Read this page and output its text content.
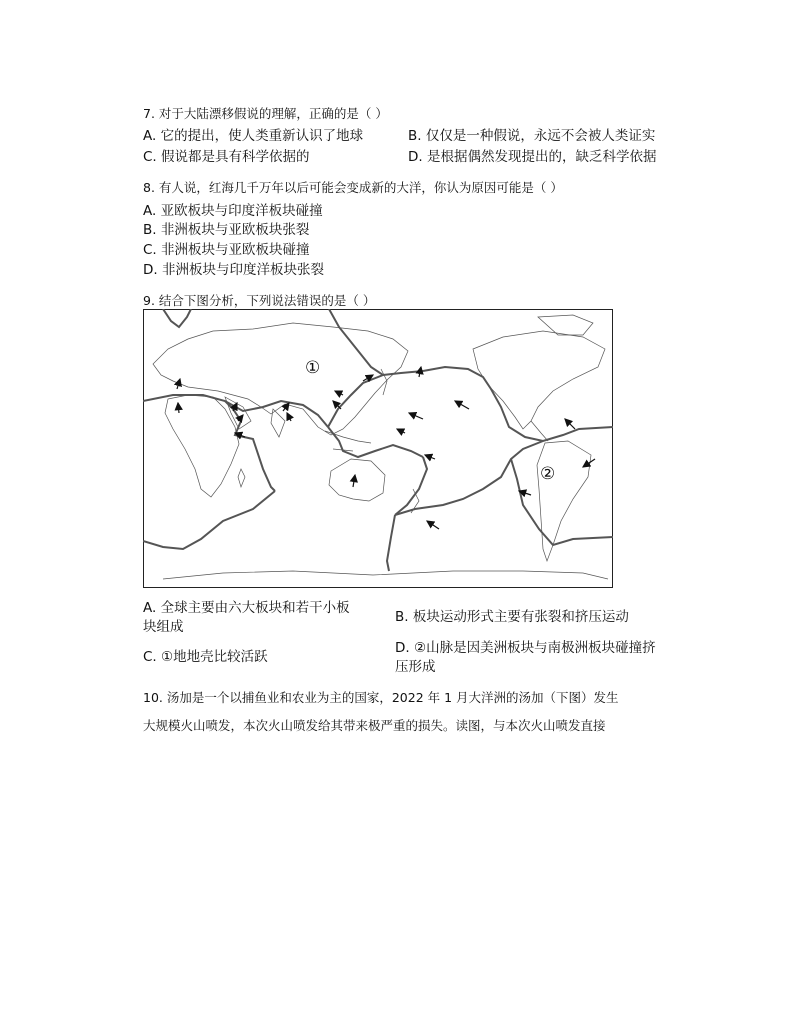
7. 对于大陆漂移假说的理解，正确的是（ ）
A. 它的提出，使人类重新认识了地球	B. 仅仅是一种假说，永远不会被人类证实
C. 假说都是具有科学依据的	D. 是根据偶然发现提出的，缺乏科学依据
8. 有人说，红海几千万年以后可能会变成新的大洋，你认为原因可能是（ ）
A. 亚欧板块与印度洋板块碰撞
B. 非洲板块与亚欧板块张裂
C. 非洲板块与亚欧板块碰撞
D. 非洲板块与印度洋板块张裂
9. 结合下图分析，下列说法错误的是（ ）
①
②
A. 全球主要由六大板块和若干小板
块组成
B. 板块运动形式主要有张裂和挤压运动
C. ①地地壳比较活跃
D. ②山脉是因美洲板块与南极洲板块碰撞挤
压形成
10. 汤加是一个以捕鱼业和农业为主的国家，2022 年 1 月大洋洲的汤加（下图）发生
大规模火山喷发，本次火山喷发给其带来极严重的损失。读图，与本次火山喷发直接
